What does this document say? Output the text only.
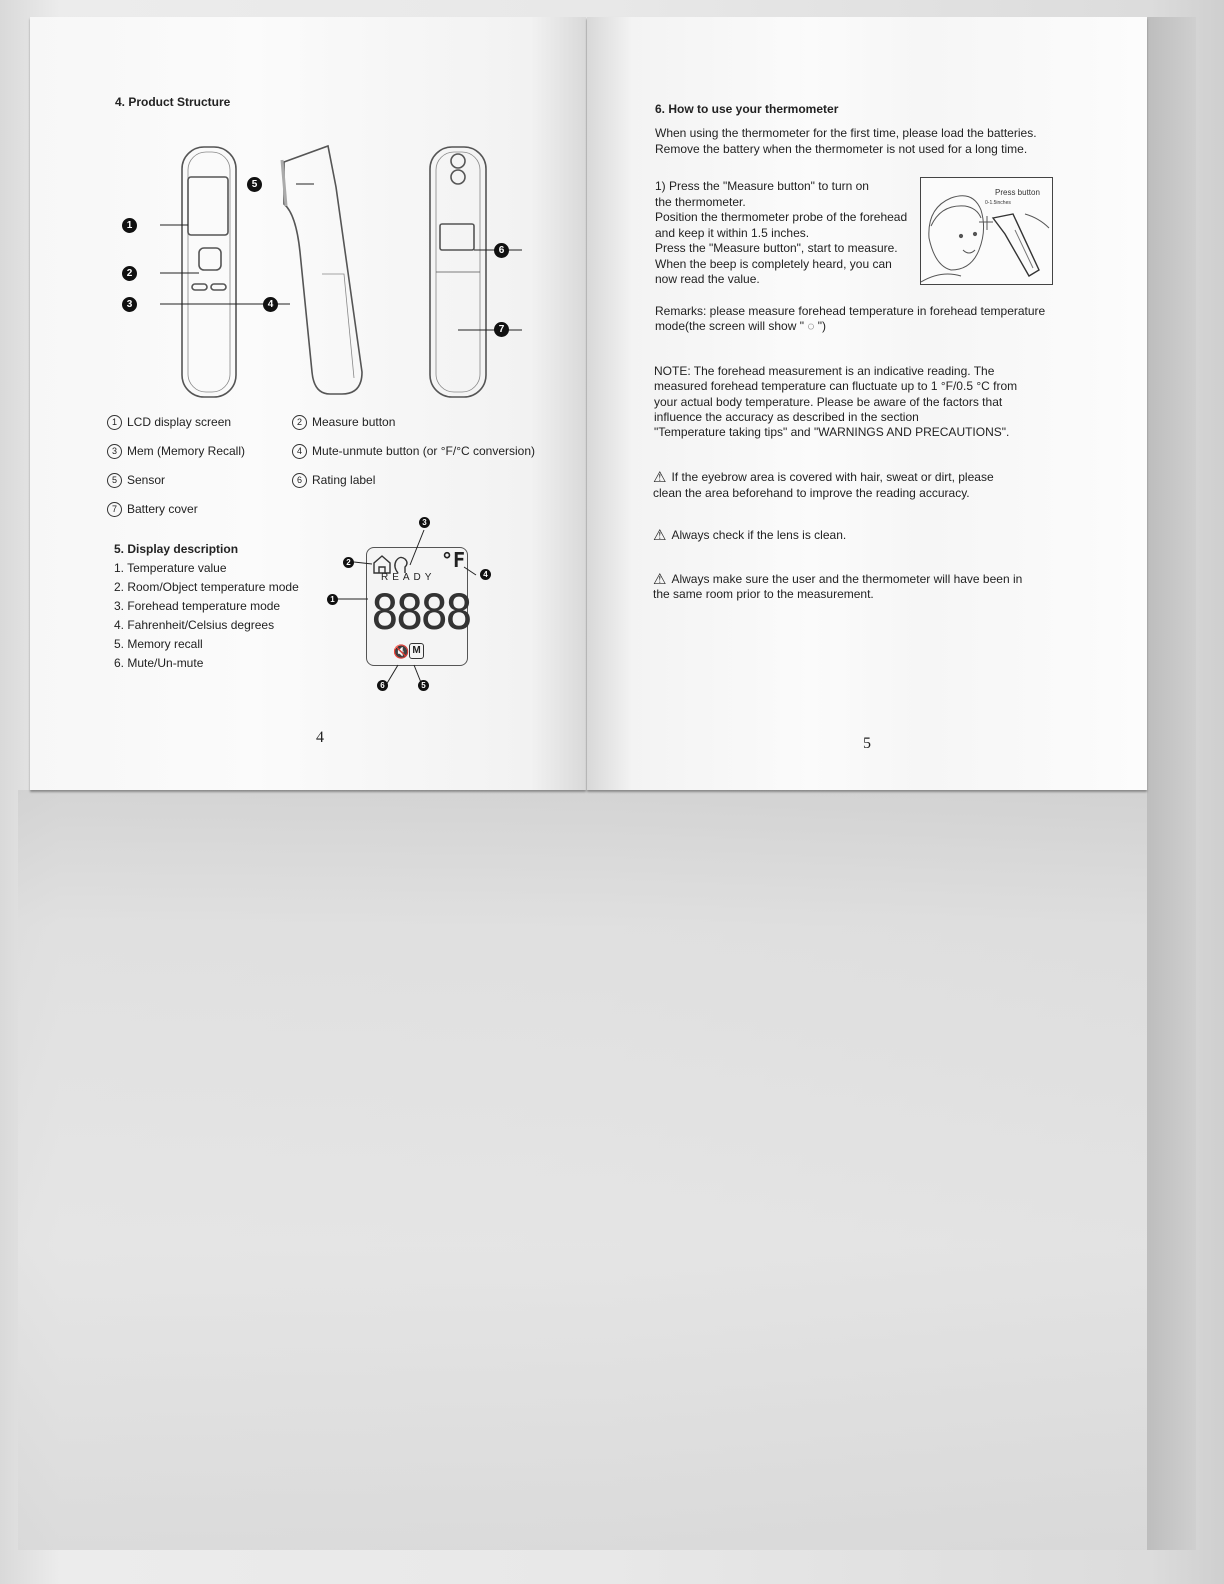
4. Product Structure
1
2
3	4
5
6
7
1 LCD display screen	2 Measure button
3 Mem (Memory Recall)	4 Mute-unmute button (or °F/°C conversion)
5 Sensor	6 Rating label
7 Battery cover
5. Display description
1. Temperature value
2. Room/Object temperature mode
3. Forehead temperature mode
4. Fahrenheit/Celsius degrees
5. Memory recall
6. Mute/Un-mute
READY
°F
8888
🔇 M
3
2
4
1
6	5
4
6. How to use your thermometer
When using the thermometer for the first time, please load the batteries.
Remove the battery when the thermometer is not used for a long time.
1) Press the "Measure button" to turn on
the thermometer.
Position the thermometer probe of the forehead
and keep it within 1.5 inches.
Press the "Measure button", start to measure.
When the beep is completely heard, you can
now read the value.
Press button
0-1.5inches
Remarks: please measure forehead temperature in forehead temperature
mode(the screen will show " ◌ ")
NOTE: The forehead measurement is an indicative reading. The
measured forehead temperature can fluctuate up to 1 °F/0.5 °C from
your actual body temperature. Please be aware of the factors that
influence the accuracy as described in the section
"Temperature taking tips" and "WARNINGS AND PRECAUTIONS".
⚠ If the eyebrow area is covered with hair, sweat or dirt, please
clean the area beforehand to improve the reading accuracy.
⚠ Always check if the lens is clean.
⚠ Always make sure the user and the thermometer will have been in
the same room prior to the measurement.
5
